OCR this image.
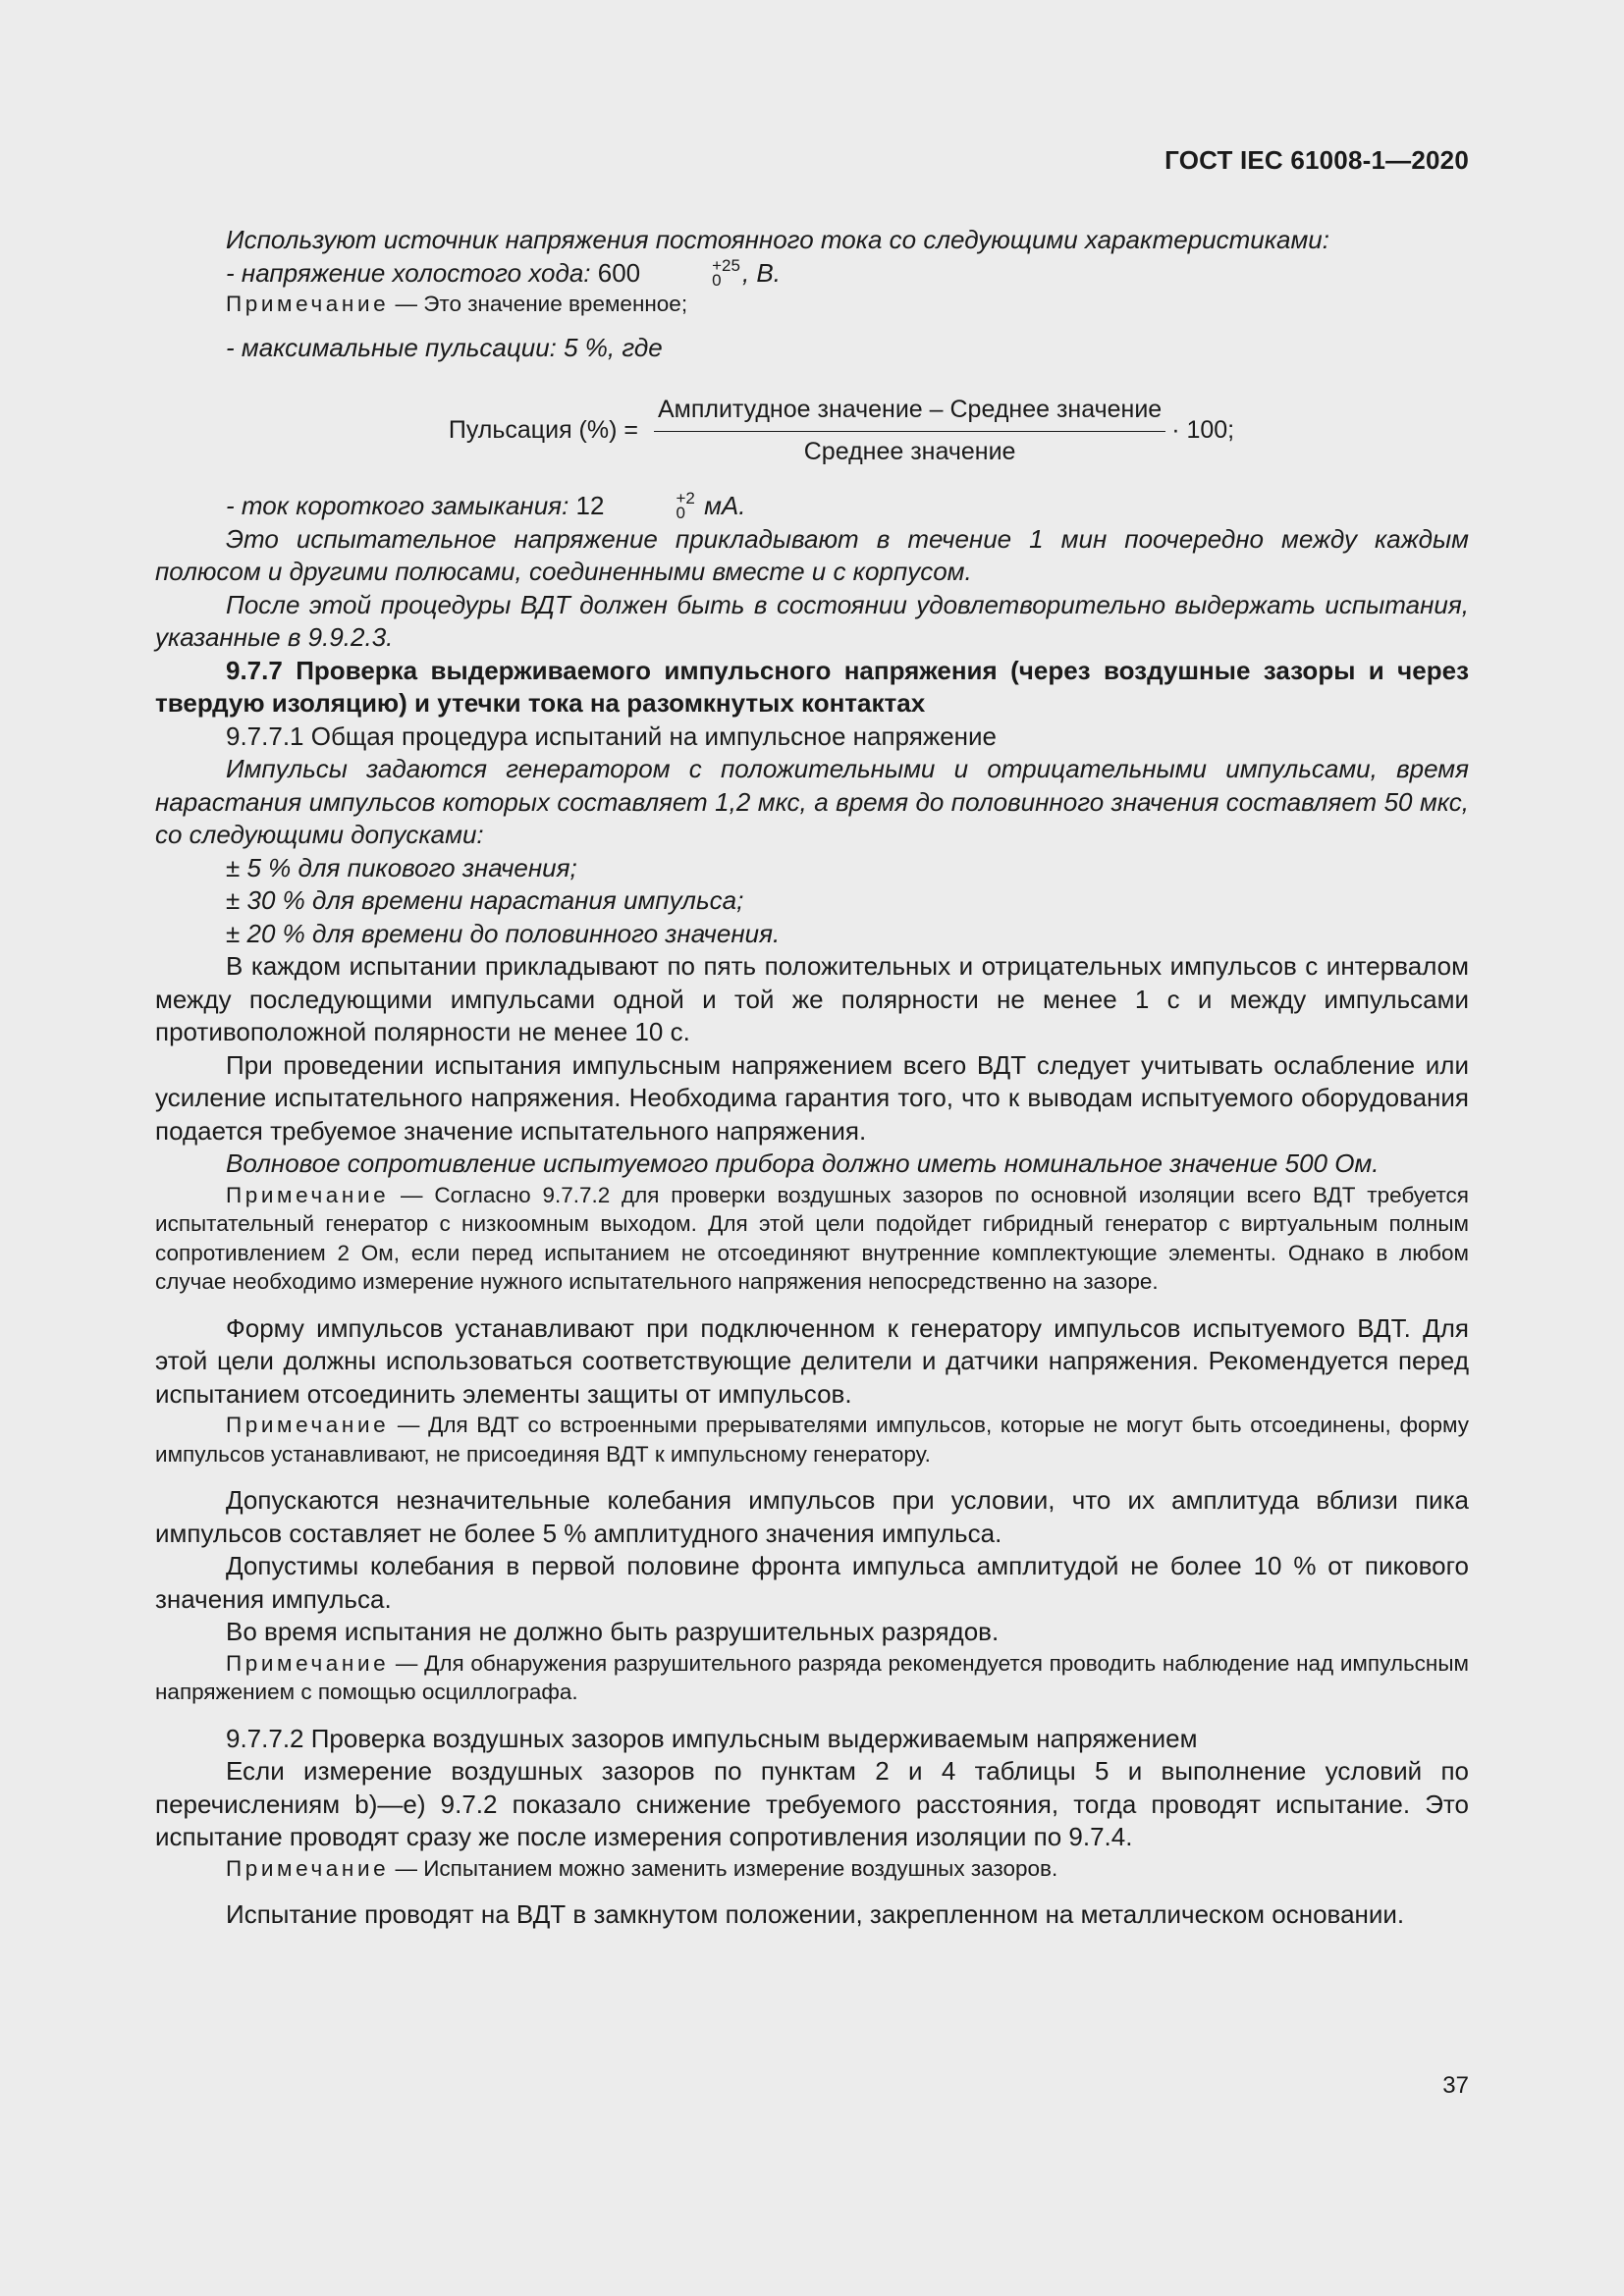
ГОСТ IEC 61008-1—2020

Используют источник напряжения постоянного тока со следующими характеристиками:

- напряжение холостого хода: 600	+25
0 , В.

Примечание — Это значение временное;

- максимальные пульсации: 5 %, где

Пульсация (%) = $\frac{\text{Амплитудное значение – Среднее значение}}{\text{Среднее значение}} \cdot 100$;

- ток короткого замыкания: 12	+2
0 мА.

Это испытательное напряжение прикладывают в течение 1 мин поочередно между каждым полюсом и другими полюсами, соединенными вместе и с корпусом.

После этой процедуры ВДТ должен быть в состоянии удовлетворительно выдержать испытания, указанные в 9.9.2.3.

9.7.7 Проверка выдерживаемого импульсного напряжения (через воздушные зазоры и через твердую изоляцию) и утечки тока на разомкнутых контактах

9.7.7.1 Общая процедура испытаний на импульсное напряжение

Импульсы задаются генератором с положительными и отрицательными импульсами, время нарастания импульсов которых составляет 1,2 мкс, а время до половинного значения составляет 50 мкс, со следующими допусками:

± 5 % для пикового значения;

± 30 % для времени нарастания импульса;

± 20 % для времени до половинного значения.

В каждом испытании прикладывают по пять положительных и отрицательных импульсов с интервалом между последующими импульсами одной и той же полярности не менее 1 с и между импульсами противоположной полярности не менее 10 с.

При проведении испытания импульсным напряжением всего ВДТ следует учитывать ослабление или усиление испытательного напряжения. Необходима гарантия того, что к выводам испытуемого оборудования подается требуемое значение испытательного напряжения.

Волновое сопротивление испытуемого прибора должно иметь номинальное значение 500 Ом.

Примечание — Согласно 9.7.7.2 для проверки воздушных зазоров по основной изоляции всего ВДТ требуется испытательный генератор с низкоомным выходом. Для этой цели подойдет гибридный генератор с виртуальным полным сопротивлением 2 Ом, если перед испытанием не отсоединяют внутренние комплектующие элементы. Однако в любом случае необходимо измерение нужного испытательного напряжения непосредственно на зазоре.

Форму импульсов устанавливают при подключенном к генератору импульсов испытуемого ВДТ. Для этой цели должны использоваться соответствующие делители и датчики напряжения. Рекомендуется перед испытанием отсоединить элементы защиты от импульсов.

Примечание — Для ВДТ со встроенными прерывателями импульсов, которые не могут быть отсоединены, форму импульсов устанавливают, не присоединяя ВДТ к импульсному генератору.

Допускаются незначительные колебания импульсов при условии, что их амплитуда вблизи пика импульсов составляет не более 5 % амплитудного значения импульса.

Допустимы колебания в первой половине фронта импульса амплитудой не более 10 % от пикового значения импульса.

Во время испытания не должно быть разрушительных разрядов.

Примечание — Для обнаружения разрушительного разряда рекомендуется проводить наблюдение над импульсным напряжением с помощью осциллографа.

9.7.7.2 Проверка воздушных зазоров импульсным выдерживаемым напряжением

Если измерение воздушных зазоров по пунктам 2 и 4 таблицы 5 и выполнение условий по перечислениям b)—e) 9.7.2 показало снижение требуемого расстояния, тогда проводят испытание. Это испытание проводят сразу же после измерения сопротивления изоляции по 9.7.4.

Примечание — Испытанием можно заменить измерение воздушных зазоров.

Испытание проводят на ВДТ в замкнутом положении, закрепленном на металлическом основании.

37
